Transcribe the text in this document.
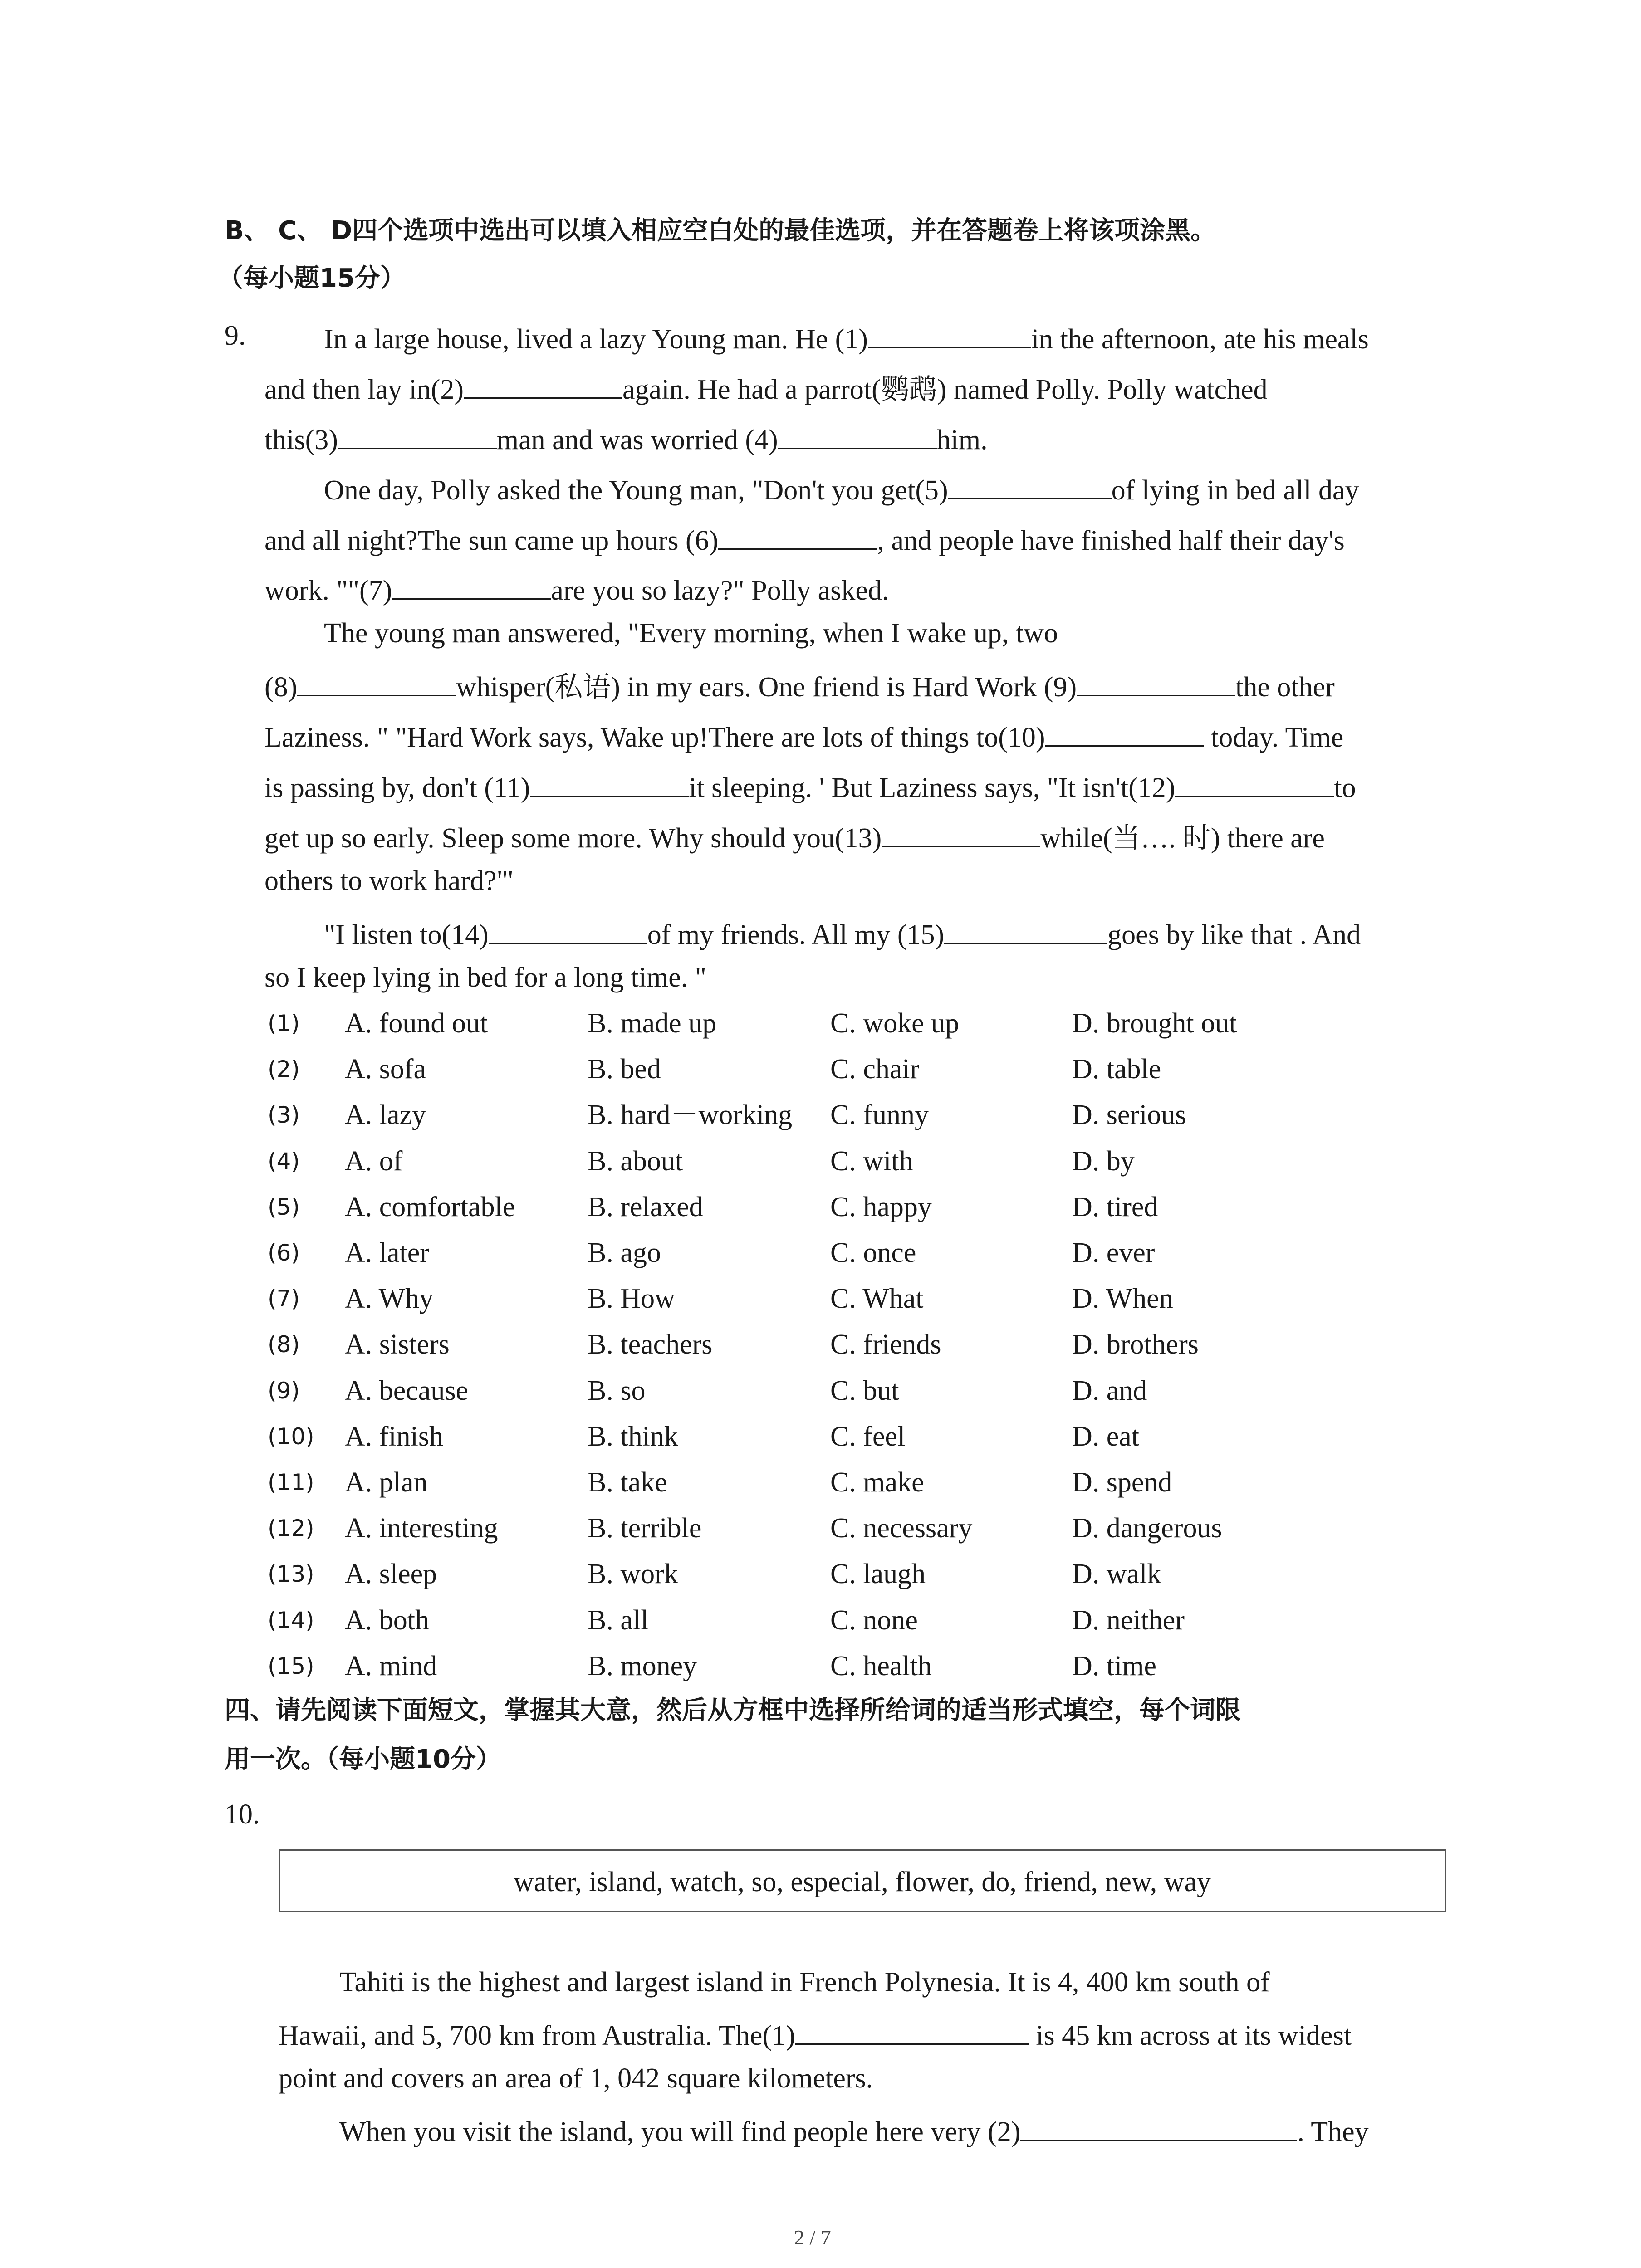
B、 C、 D四个选项中选出可以填入相应空白处的最佳选项，并在答题卷上将该项涂黑。
（每小题15分）
9.	In a large house, lived a lazy Young man. He (1)	in the afternoon, ate his meals
and then lay in(2)	again. He had a parrot(鹦鹉) named Polly. Polly watched
this(3)	man and was worried (4)	him.
One day, Polly asked the Young man, "Don't you get(5)	of lying in bed all day
and all night?The sun came up hours (6)	, and people have finished half their day's
work. ""(7)	are you so lazy?" Polly asked.
The young man answered, "Every morning, when I wake up, two
(8)	whisper(私语) in my ears. One friend is Hard Work (9)	the other
Laziness. " "Hard Work says, Wake up!There are lots of things to(10)	today. Time
is passing by, don't (11)	it sleeping. ' But Laziness says, "It isn't(12)	to
get up so early. Sleep some more. Why should you(13)	while(当…. 时) there are
others to work hard?"'
"I listen to(14)	of my friends. All my (15)	goes by like that . And
so I keep lying in bed for a long time. "
(1) A. found out	B. made up	C. woke up	D. brought out
(2) A. sofa	B. bed	C. chair	D. table
(3) A. lazy	B. hard－working C. funny	D. serious
(4) A. of	B. about	C. with	D. by
(5) A. comfortable	B. relaxed	C. happy	D. tired
(6) A. later	B. ago	C. once	D. ever
(7) A. Why	B. How	C. What	D. When
(8) A. sisters	B. teachers	C. friends	D. brothers
(9) A. because	B. so	C. but	D. and
(10) A. finish	B. think	C. feel	D. eat
(11) A. plan	B. take	C. make	D. spend
(12) A. interesting	B. terrible	C. necessary	D. dangerous
(13) A. sleep	B. work	C. laugh	D. walk
(14) A. both	B. all	C. none	D. neither
(15) A. mind	B. money	C. health	D. time
四、请先阅读下面短文，掌握其大意，然后从方框中选择所给词的适当形式填空，每个词限
用一次。（每小题10分）
10.
water, island, watch, so, especial, flower, do, friend, new, way
Tahiti is the highest and largest island in French Polynesia. It is 4, 400 km south of
Hawaii, and 5, 700 km from Australia. The(1)	is 45 km across at its widest
point and covers an area of 1, 042 square kilometers.
When you visit the island, you will find people here very (2)	. They
2 / 7
